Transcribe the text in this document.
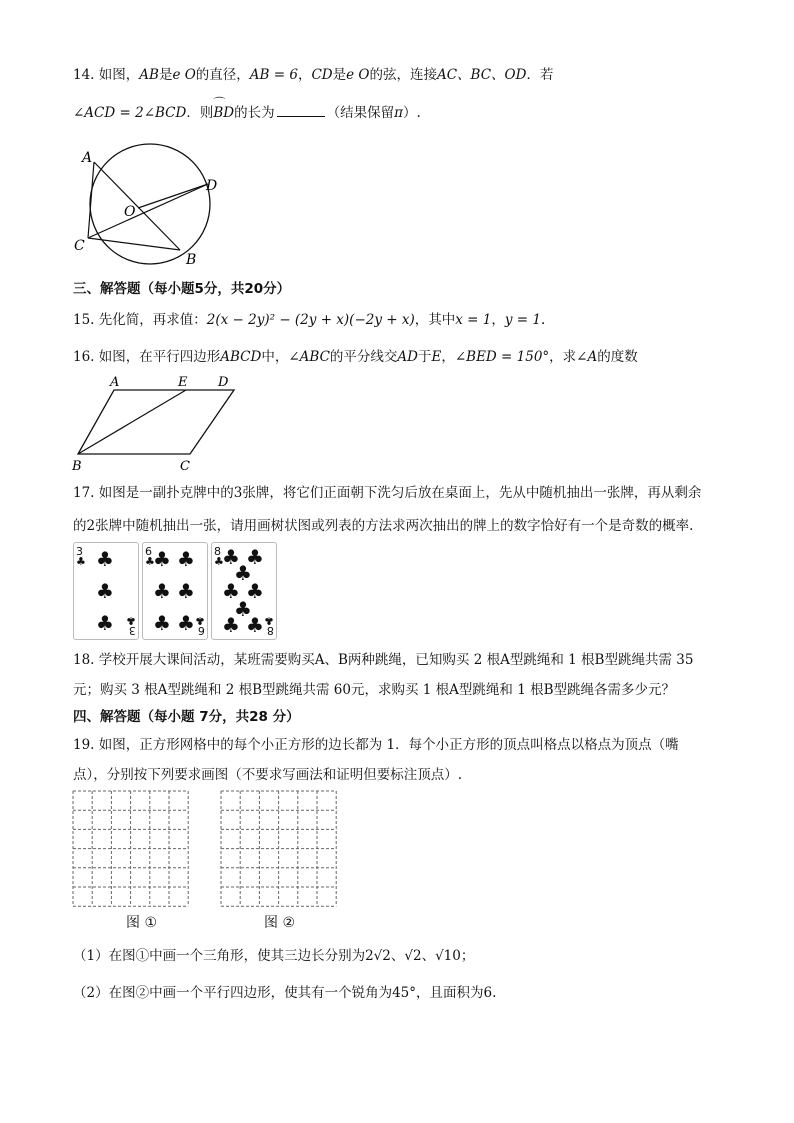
14. 如图，AB是e O的直径，AB = 6，CD是e O的弦，连接AC、BC、OD．若
∠ACD = 2∠BCD．则⌒ BD的长为	（结果保留π）.
A
D
O
C
B
三、解答题（每小题5分，共20分）
15. 先化简，再求值：2(x − 2y)² − (2y + x)(−2y + x)，其中x = 1，y = 1.
16. 如图，在平行四边形ABCD中，∠ABC的平分线交AD于E，∠BED = 150°，求∠A的度数
A	E D
B	C
17. 如图是一副扑克牌中的3张牌，将它们正面朝下洗匀后放在桌面上，先从中随机抽出一张牌，再从剩余
的2张牌中随机抽出一张，请用画树状图或列表的方法求两次抽出的牌上的数字恰好有一个是奇数的概率.
3
♣ ♣
♣
♣ 3
♣
6
♣
♣ ♣
♣ ♣
♣ ♣ 6
♣
8
♣
♣ ♣
♣
♣ ♣
♣
♣ ♣ 8
♣
18. 学校开展大课间活动，某班需要购买A、B两种跳绳，已知购买 2 根A型跳绳和 1 根B型跳绳共需 35
元；购买 3 根A型跳绳和 2 根B型跳绳共需 60元，求购买 1 根A型跳绳和 1 根B型跳绳各需多少元？
四、解答题（每小题 7分，共28 分）
19. 如图，正方形网格中的每个小正方形的边长都为 1．每个小正方形的顶点叫格点以格点为顶点（嘴
点），分别按下列要求画图（不要求写画法和证明但要标注顶点）.
图 ①	图 ②
（1）在图①中画一个三角形，使其三边长分别为2√2、√2、√10；
（2）在图②中画一个平行四边形，使其有一个锐角为45°，且面积为6.
